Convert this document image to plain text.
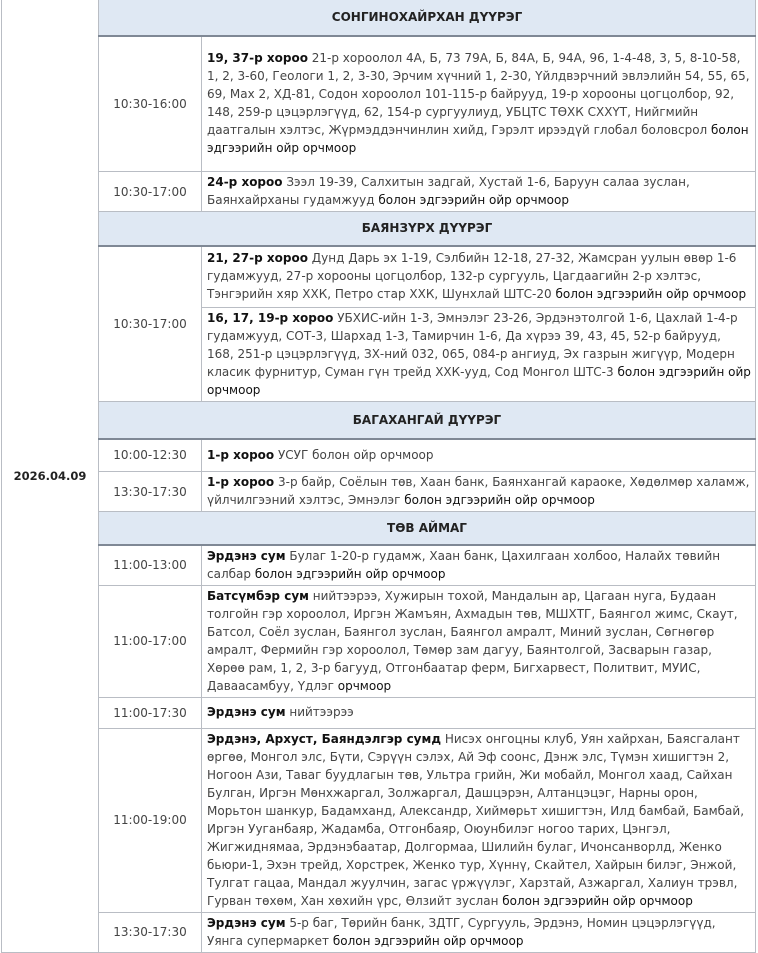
2026.04.09	СОНГИНОХАЙРХАН ДҮҮРЭГ	
	10:30-16:00	19, 37-р хороо 21-р хороолол 4А, Б, 73 79А, Б, 84А, Б, 94А, 96, 1-4-48, 3, 5, 8-10-58, 1, 2, 3-60, Геологи 1, 2, 3-30, Эрчим хүчний 1, 2-30, Үйлдвэрчний эвлэлийн 54, 55, 65, 69, Мах 2, ХД-81, Содон хороолол 101-115-р байрууд, 19-р хорооны цогцолбор, 92, 148, 259-р цэцэрлэгүүд, 62, 154-р сургуулиуд, УБЦТС ТӨХК СХХҮТ, Нийгмийн даатгалын хэлтэс, Жүрмэддэнчинлин хийд, Гэрэлт ирээдүй глобал боловсрол болон эдгээрийн ойр орчмоор
	10:30-17:00	24-р хороо Зээл 19-39, Салхитын задгай, Хустай 1-6, Баруун салаа зуслан, Баянхайрханы гудамжууд болон эдгээрийн ойр орчмоор
	БАЯНЗҮРХ ДҮҮРЭГ	
	10:30-17:00	21, 27-р хороо Дунд Дарь эх 1-19, Сэлбийн 12-18, 27-32, Жамсран уулын өвөр 1-6 гудамжууд, 27-р хорооны цогцолбор, 132-р сургууль, Цагдаагийн 2-р хэлтэс, Тэнгэрийн хяр ХХК, Петро стар ХХК, Шунхлай ШТС-20 болон эдгээрийн ойр орчмоор
		16, 17, 19-р хороо УБХИС-ийн 1-3, Эмнэлэг 23-26, Эрдэнэтолгой 1-6, Цахлай 1-4-р гудамжууд, СОТ-3, Шархад 1-3, Тамирчин 1-6, Да хүрээ 39, 43, 45, 52-р байрууд, 168, 251-р цэцэрлэгүүд, ЗХ-ний 032, 065, 084-р ангиуд, Эх газрын жигүүр, Модерн класик фурнитур, Суман гүн трейд ХХК-ууд, Сод Монгол ШТС-3 болон эдгээрийн ойр орчмоор
	БАГАХАНГАЙ ДҮҮРЭГ	
	10:00-12:30	1-р хороо УСУГ болон ойр орчмоор
	13:30-17:30	1-р хороо 3-р байр, Соёлын төв, Хаан банк, Баянхангай караоке, Хөдөлмөр халамж, үйлчилгээний хэлтэс, Эмнэлэг болон эдгээрийн ойр орчмоор
	ТӨВ АЙМАГ	
	11:00-13:00	Эрдэнэ сум Булаг 1-20-р гудамж, Хаан банк, Цахилгаан холбоо, Налайх төвийн салбар болон эдгээрийн ойр орчмоор
	11:00-17:00	Батсүмбэр сум нийтээрээ, Хужирын тохой, Мандалын ар, Цагаан нуга, Будаан толгойн гэр хороолол, Иргэн Жамъян, Ахмадын төв, МШХТГ, Баянгол жимс, Скаут, Батсол, Соёл зуслан, Баянгол зуслан, Баянгол амралт, Миний зуслан, Сөгнөгөр амралт, Фермийн гэр хороолол, Төмөр зам дагуу, Баянтолгой, Засварын газар, Хөрөө рам, 1, 2, 3-р багууд, Отгонбаатар ферм, Бигхарвест, Политвит, МУИС, Даваасамбуу, Үдлэг орчмоор
	11:00-17:30	Эрдэнэ сум нийтээрээ
	11:00-19:00	Эрдэнэ, Архуст, Баяндэлгэр сумд Нисэх онгоцны клуб, Уян хайрхан, Баясгалант өргөө, Монгол элс, Бүти, Сэрүүн сэлэх, Ай Эф соонс, Дэнж элс, Түмэн хишигтэн 2, Ногоон Ази, Тавaг буудлагын төв, Ультра грийн, Жи мобайл, Монгол хаад, Сайхан Булган, Иргэн Мөнхжаргал, Золжаргал, Дашцэрэн, Алтанцэцэг, Нарны орон, Морьтон шанкур, Бадамханд, Александр, Хиймөрьт хишигтэн, Илд бамбай, Бамбай, Иргэн Ууганбаяр, Жадамба, Отгонбаяр, Оюунбилэг ногоо тарих, Цэнгэл, Жигжиднямаа, Эрдэнэбаатар, Долгормаа, Шилийн булаг, Ичонсанворлд, Женко бьюри-1, Эхэн трейд, Хорстрек, Женко тур, Хүннү, Скайтел, Хайрын билэг, Энжой, Тулгат гацаа, Мандал жуулчин, загас үржүүлэг, Харзтай, Азжаргал, Халиун трэвл, Гурван төхөм, Хан хөхийн үрс, Өлзийт зуслан болон эдгээрийн ойр орчмоор
	13:30-17:30	Эрдэнэ сум 5-р баг, Төрийн банк, ЗДТГ, Сургууль, Эрдэнэ, Номин цэцэрлэгүүд, Уянга супермаркет болон эдгээрийн ойр орчмоор
